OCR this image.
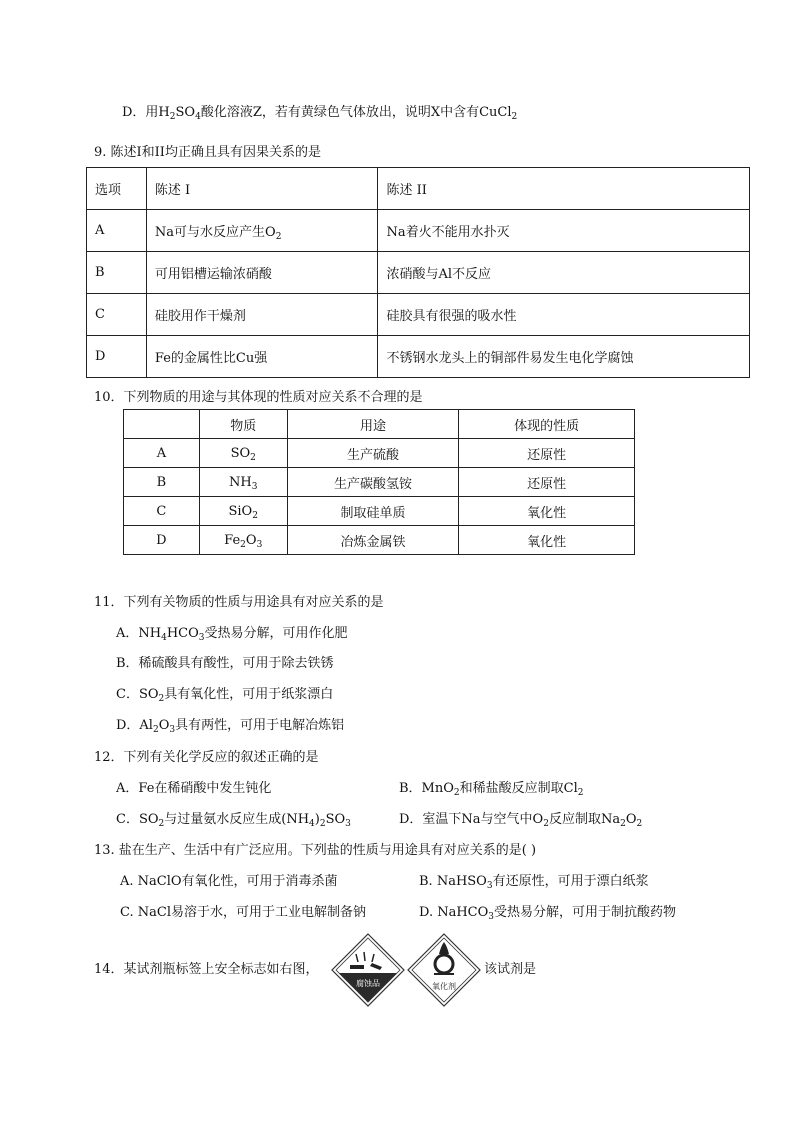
D．用$H_2SO_4$酸化溶液Z，若有黄绿色气体放出，说明X中含有CuCl$_2$
9. 陈述I和II均正确且具有因果关系的是
选项	陈述 I	陈述 II
A	Na可与水反应产生$O_2$	Na着火不能用水扑灭
B	可用铝槽运输浓硝酸	浓硝酸与Al不反应
C	硅胶用作干燥剂	硅胶具有很强的吸水性
D	Fe的金属性比Cu强	不锈钢水龙头上的铜部件易发生电化学腐蚀
10．下列物质的用途与其体现的性质对应关系不合理的是
	物质	用途	体现的性质
A	$SO_2$	生产硫酸	还原性
B	$NH_3$	生产碳酸氢铵	还原性
C	SiO$_2$	制取硅单质	氧化性
D	$Fe_2O_3$	冶炼金属铁	氧化性
11．下列有关物质的性质与用途具有对应关系的是
A．$NH_4HCO_3$受热易分解，可用作化肥
B．稀硫酸具有酸性，可用于除去铁锈
C．$SO_2$具有氧化性，可用于纸浆漂白
D．$Al_2O_3$具有两性，可用于电解冶炼铝
12．下列有关化学反应的叙述正确的是
A．Fe在稀硝酸中发生钝化	B．MnO$_2$和稀盐酸反应制取$Cl_2$
C．$SO_2$与过量氨水反应生成$(NH_4)_2SO_3$	D．室温下Na与空气中$O_2$反应制取$Na_2O_2$
13. 盐在生产、生活中有广泛应用。下列盐的性质与用途具有对应关系的是( )
A. NaClO有氧化性，可用于消毒杀菌	B. NaHSO$_3$有还原性，可用于漂白纸浆
C. NaCl易溶于水，可用于工业电解制备钠	D. NaHCO$_3$受热易分解，可用于制抗酸药物
14．某试剂瓶标签上安全标志如右图，	该试剂是
腐蚀品	氧化剂
